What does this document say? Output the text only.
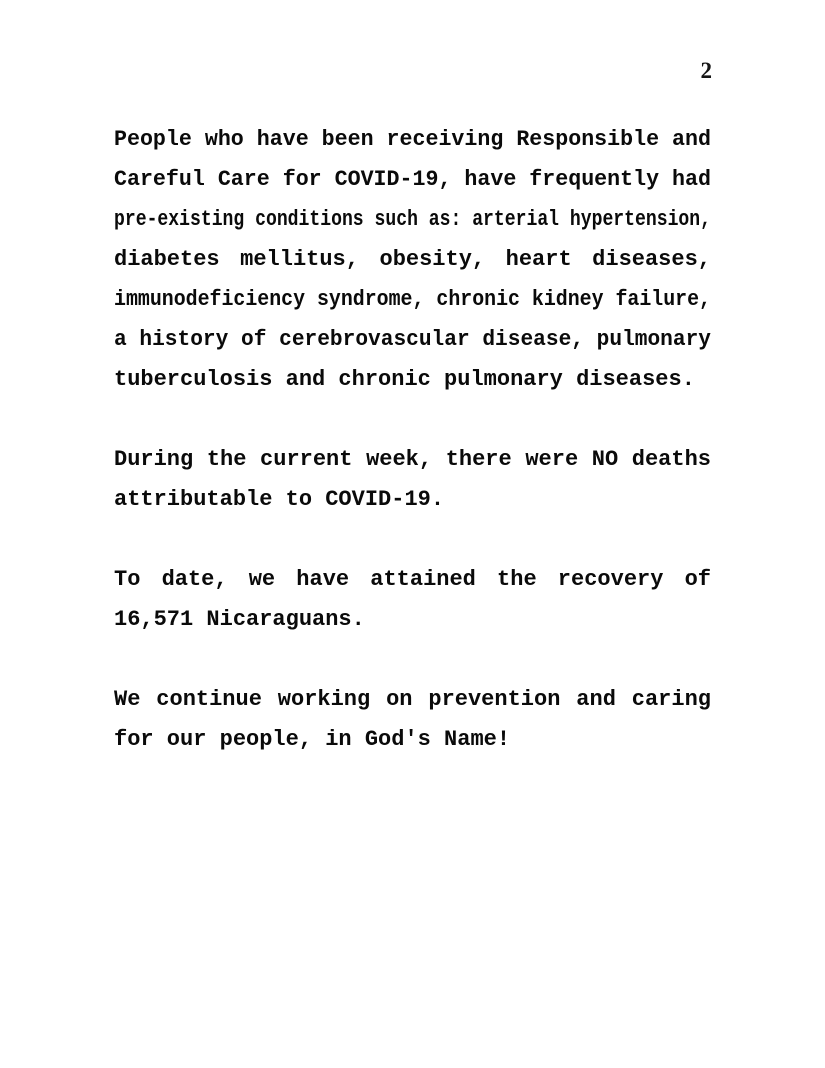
2
People who have been receiving Responsible and
Careful Care for COVID-19, have frequently had
pre-existing conditions such as: arterial hypertension,
diabetes mellitus, obesity, heart diseases,
immunodeficiency syndrome, chronic kidney failure,
a history of cerebrovascular disease, pulmonary
tuberculosis and chronic pulmonary diseases.
During the current week, there were NO deaths
attributable to COVID-19.
To date, we have attained the recovery of
16,571 Nicaraguans.
We continue working on prevention and caring
for our people, in God's Name!
